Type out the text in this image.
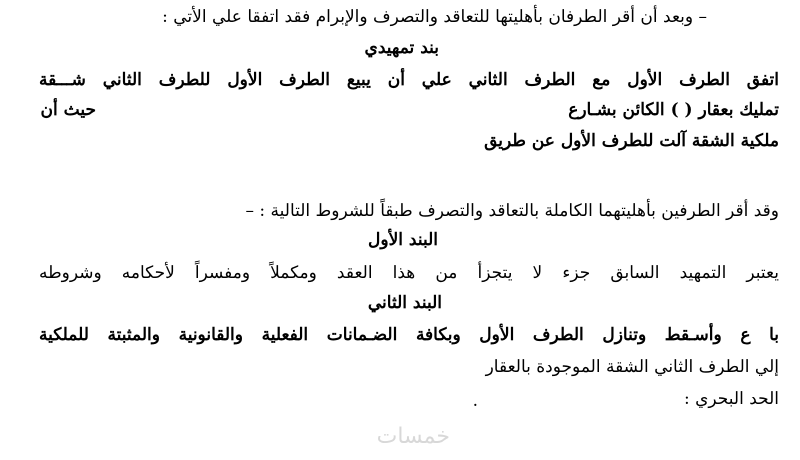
– وبعد أن أقر الطرفان بأهليتها للتعاقد والتصرف والإبرام فقد اتفقا علي الأتي :
بند تمهيدي
اتفق الطرف الأول مع الطرف الثاني علي أن يبيع الطرف الأول للطرف الثاني شـــقة
تمليك بعقار ( ) الكائن بشـارع
حيث أن
ملكية الشقة آلت للطرف الأول عن طريق
وقد أقر الطرفين بأهليتهما الكاملة بالتعاقد والتصرف طبقاً للشروط التالية : –
البند الأول
يعتبر التمهيد السابق جزء لا يتجزأ من هذا العقد ومكملاً ومفسراً لأحكامه وشروطه
البند الثاني
با ع وأسـقط وتنازل الطرف الأول وبكافة الضـمانات الفعلية والقانونية والمثبتة للملكية
إلي الطرف الثاني الشقة الموجودة بالعقار
الحد البحري :
.
خمسات
